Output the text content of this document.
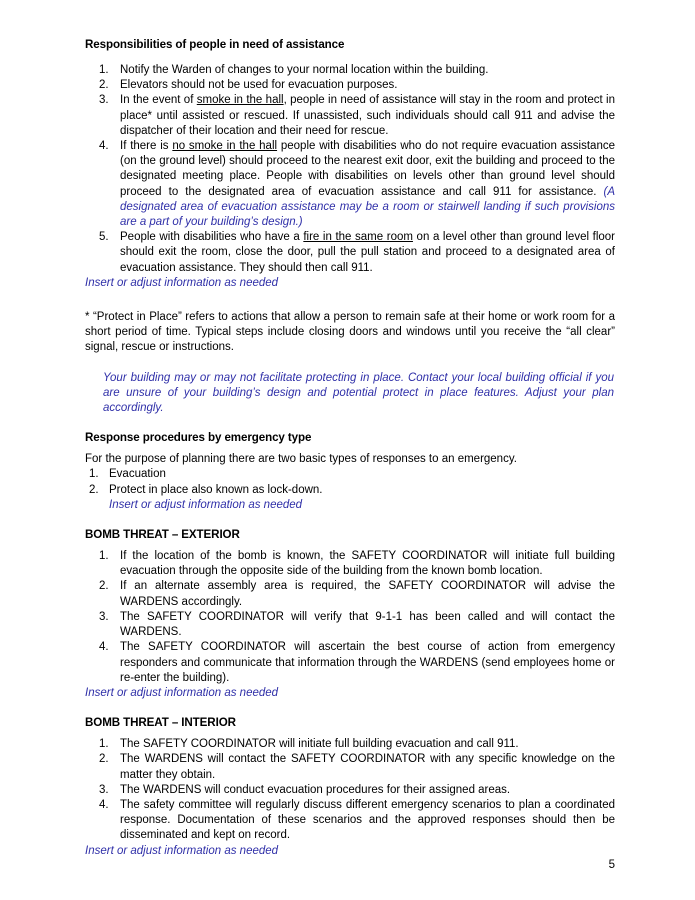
Responsibilities of people in need of assistance
Notify the Warden of changes to your normal location within the building.
Elevators should not be used for evacuation purposes.
In the event of smoke in the hall, people in need of assistance will stay in the room and protect in place* until assisted or rescued. If unassisted, such individuals should call 911 and advise the dispatcher of their location and their need for rescue.
If there is no smoke in the hall people with disabilities who do not require evacuation assistance (on the ground level) should proceed to the nearest exit door, exit the building and proceed to the designated meeting place. People with disabilities on levels other than ground level should proceed to the designated area of evacuation assistance and call 911 for assistance. (A designated area of evacuation assistance may be a room or stairwell landing if such provisions are a part of your building’s design.)
People with disabilities who have a fire in the same room on a level other than ground level floor should exit the room, close the door, pull the pull station and proceed to a designated area of evacuation assistance. They should then call 911.

Insert or adjust information as needed

* “Protect in Place” refers to actions that allow a person to remain safe at their home or work room for a short period of time. Typical steps include closing doors and windows until you receive the “all clear” signal, rescue or instructions.

Your building may or may not facilitate protecting in place. Contact your local building official if you are unsure of your building’s design and potential protect in place features. Adjust your plan accordingly.

Response procedures by emergency type

For the purpose of planning there are two basic types of responses to an emergency.

Evacuation
Protect in place also known as lock-down.

Insert or adjust information as needed

BOMB THREAT – EXTERIOR
If the location of the bomb is known, the SAFETY COORDINATOR will initiate full building evacuation through the opposite side of the building from the known bomb location.
If an alternate assembly area is required, the SAFETY COORDINATOR will advise the WARDENS accordingly.
The SAFETY COORDINATOR will verify that 9-1-1 has been called and will contact the WARDENS.
The SAFETY COORDINATOR will ascertain the best course of action from emergency responders and communicate that information through the WARDENS (send employees home or re-enter the building).

Insert or adjust information as needed

BOMB THREAT – INTERIOR
The SAFETY COORDINATOR will initiate full building evacuation and call 911.
The WARDENS will contact the SAFETY COORDINATOR with any specific knowledge on the matter they obtain.
The WARDENS will conduct evacuation procedures for their assigned areas.
The safety committee will regularly discuss different emergency scenarios to plan a coordinated response. Documentation of these scenarios and the approved responses should then be disseminated and kept on record.

Insert or adjust information as needed

5
